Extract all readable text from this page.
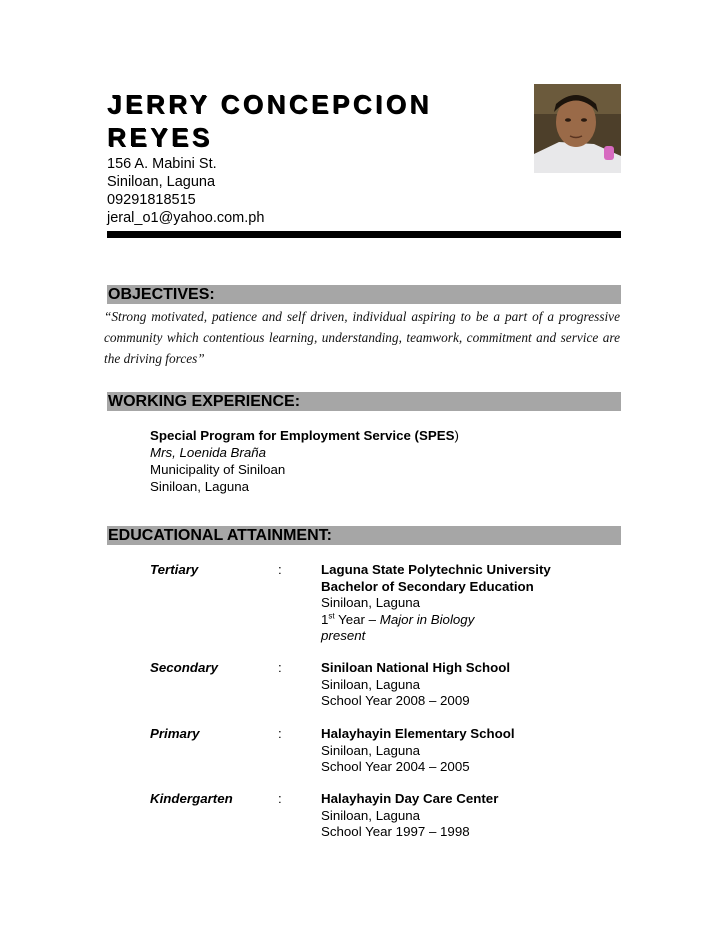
JERRY CONCEPCION
REYES
156 A. Mabini St.
Siniloan, Laguna
09291818515
jeral_o1@yahoo.com.ph
OBJECTIVES:
“Strong motivated, patience and self driven, individual aspiring to be a part of a progressive community which contentious learning, understanding, teamwork, commitment and service are the driving forces”
WORKING EXPERIENCE:
Special Program for Employment Service (SPES)
Mrs, Loenida Braña
Municipality of Siniloan
Siniloan, Laguna
EDUCATIONAL ATTAINMENT:
Tertiary	:	Laguna State Polytechnic University
Bachelor of Secondary Education
Siniloan, Laguna
1st Year – Major in Biology
present
Secondary	:	Siniloan National High School
Siniloan, Laguna
School Year 2008 – 2009
Primary	:	Halayhayin Elementary School
Siniloan, Laguna
School Year 2004 – 2005
Kindergarten	:	Halayhayin Day Care Center
Siniloan, Laguna
School Year 1997 – 1998
